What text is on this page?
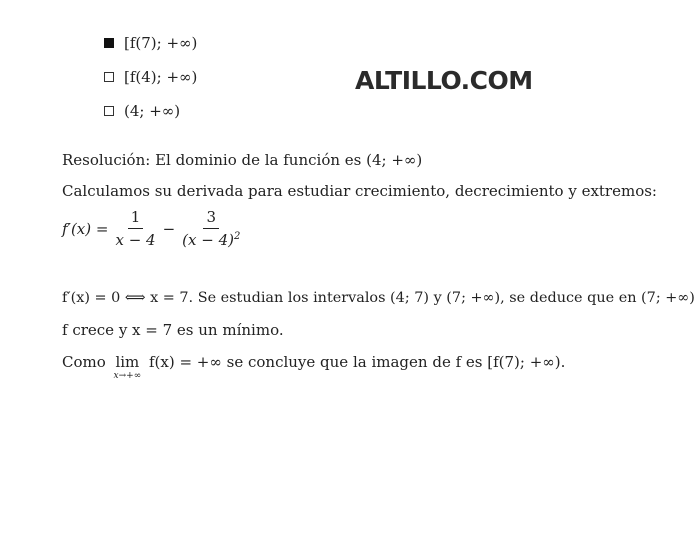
[f(7); +∞)
[f(4); +∞)
(4; +∞)
ALTILLO.COM
Resolución: El dominio de la función es (4; +∞)
Calculamos su derivada para estudiar crecimiento, decrecimiento y extremos:
$f'(x) = \frac{1}{x - 4} - \frac{3}{(x - 4)^2}$
f′(x) = 0 ⟺ x = 7. Se estudian los intervalos (4; 7) y (7; +∞), se deduce que en (7; +∞)
f crece y x = 7 es un mínimo.
Como lim
x→+∞
f(x) = +∞ se concluye que la imagen de f es [f(7); +∞).
